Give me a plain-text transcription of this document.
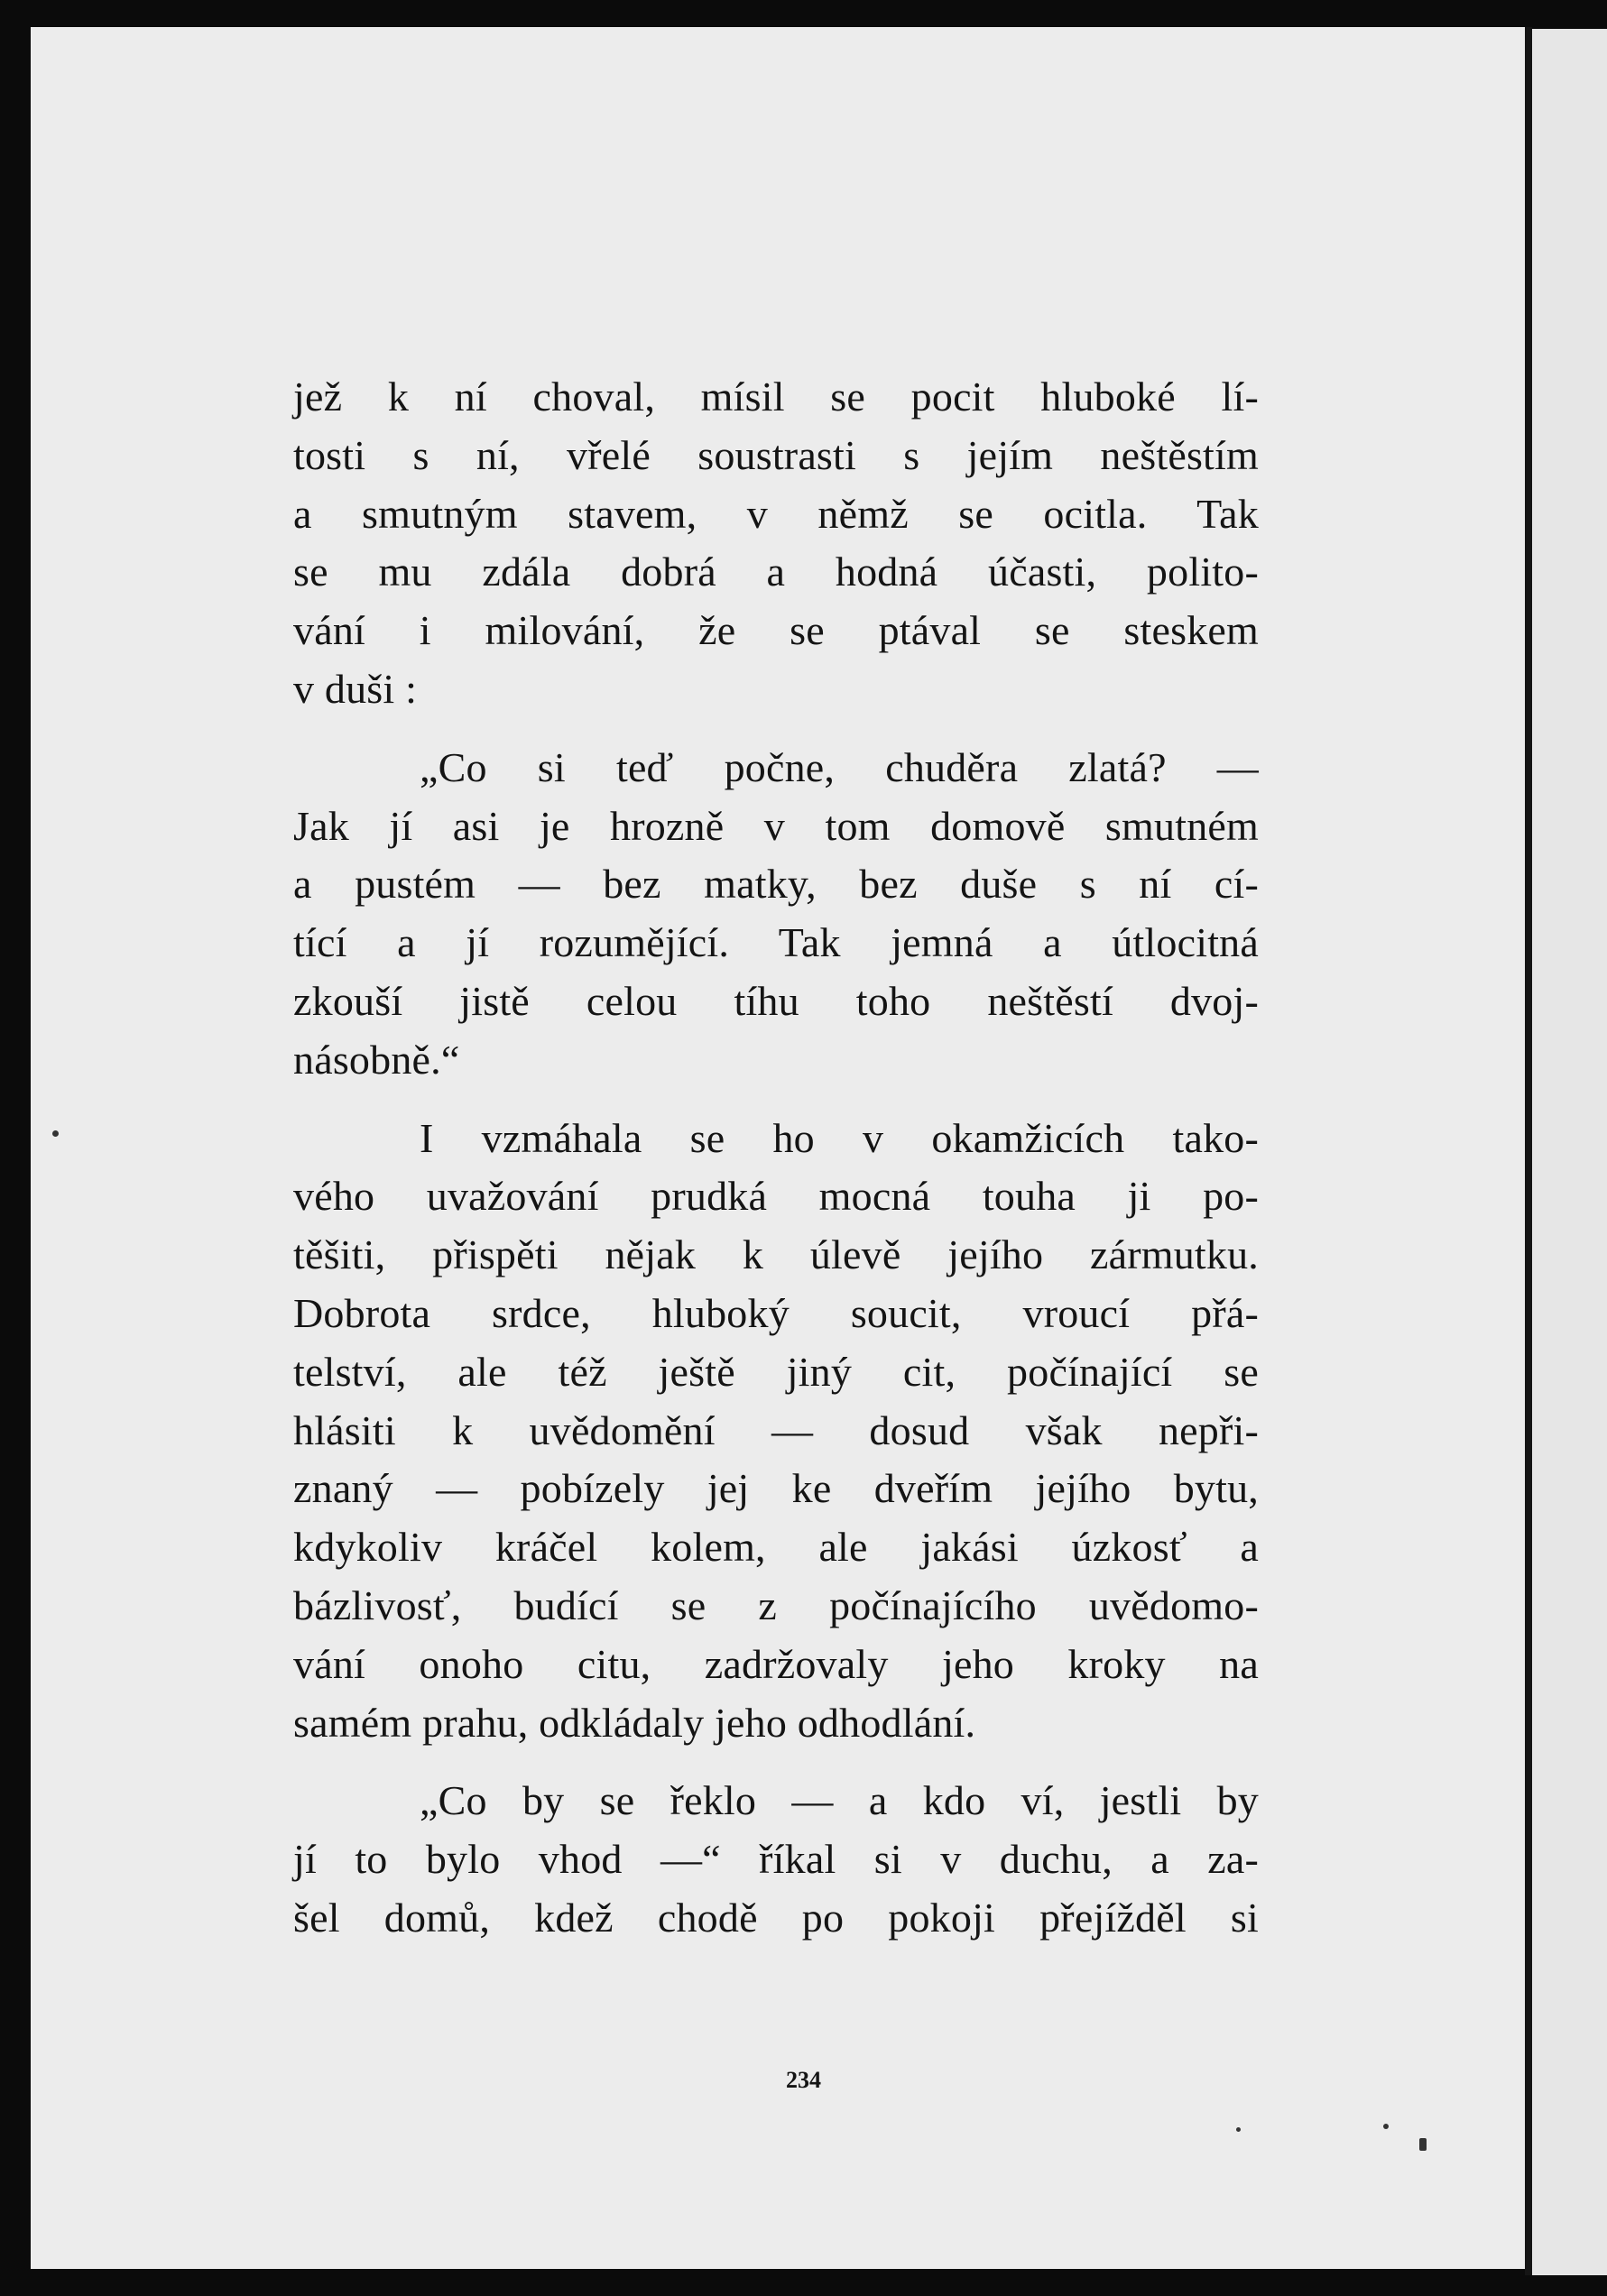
jež k ní choval, mísil se pocit hluboké lí-
tosti s ní, vřelé soustrasti s jejím neštěstím
a smutným stavem, v němž se ocitla. Tak
se mu zdála dobrá a hodná účasti, polito-
vání i milování, že se ptával se steskem
v duši :

„Co si teď počne, chuděra zlatá? —
Jak jí asi je hrozně v tom domově smutném
a pustém — bez matky, bez duše s ní cí-
tící a jí rozumějící. Tak jemná a útlocitná
zkouší jistě celou tíhu toho neštěstí dvoj-
násobně.“

I vzmáhala se ho v okamžicích tako-
vého uvažování prudká mocná touha ji po-
těšiti, přispěti nějak k úlevě jejího zármutku.
Dobrota srdce, hluboký soucit, vroucí přá-
telství, ale též ještě jiný cit, počínající se
hlásiti k uvědomění — dosud však nepři-
znaný — pobízely jej ke dveřím jejího bytu,
kdykoliv kráčel kolem, ale jakási úzkosť a
bázlivosť, budící se z počínajícího uvědomo-
vání onoho citu, zadržovaly jeho kroky na
samém prahu, odkládaly jeho odhodlání.

„Co by se řeklo — a kdo ví, jestli by
jí to bylo vhod —“ říkal si v duchu, a za-
šel domů, kdež chodě po pokoji přejížděl si

234
